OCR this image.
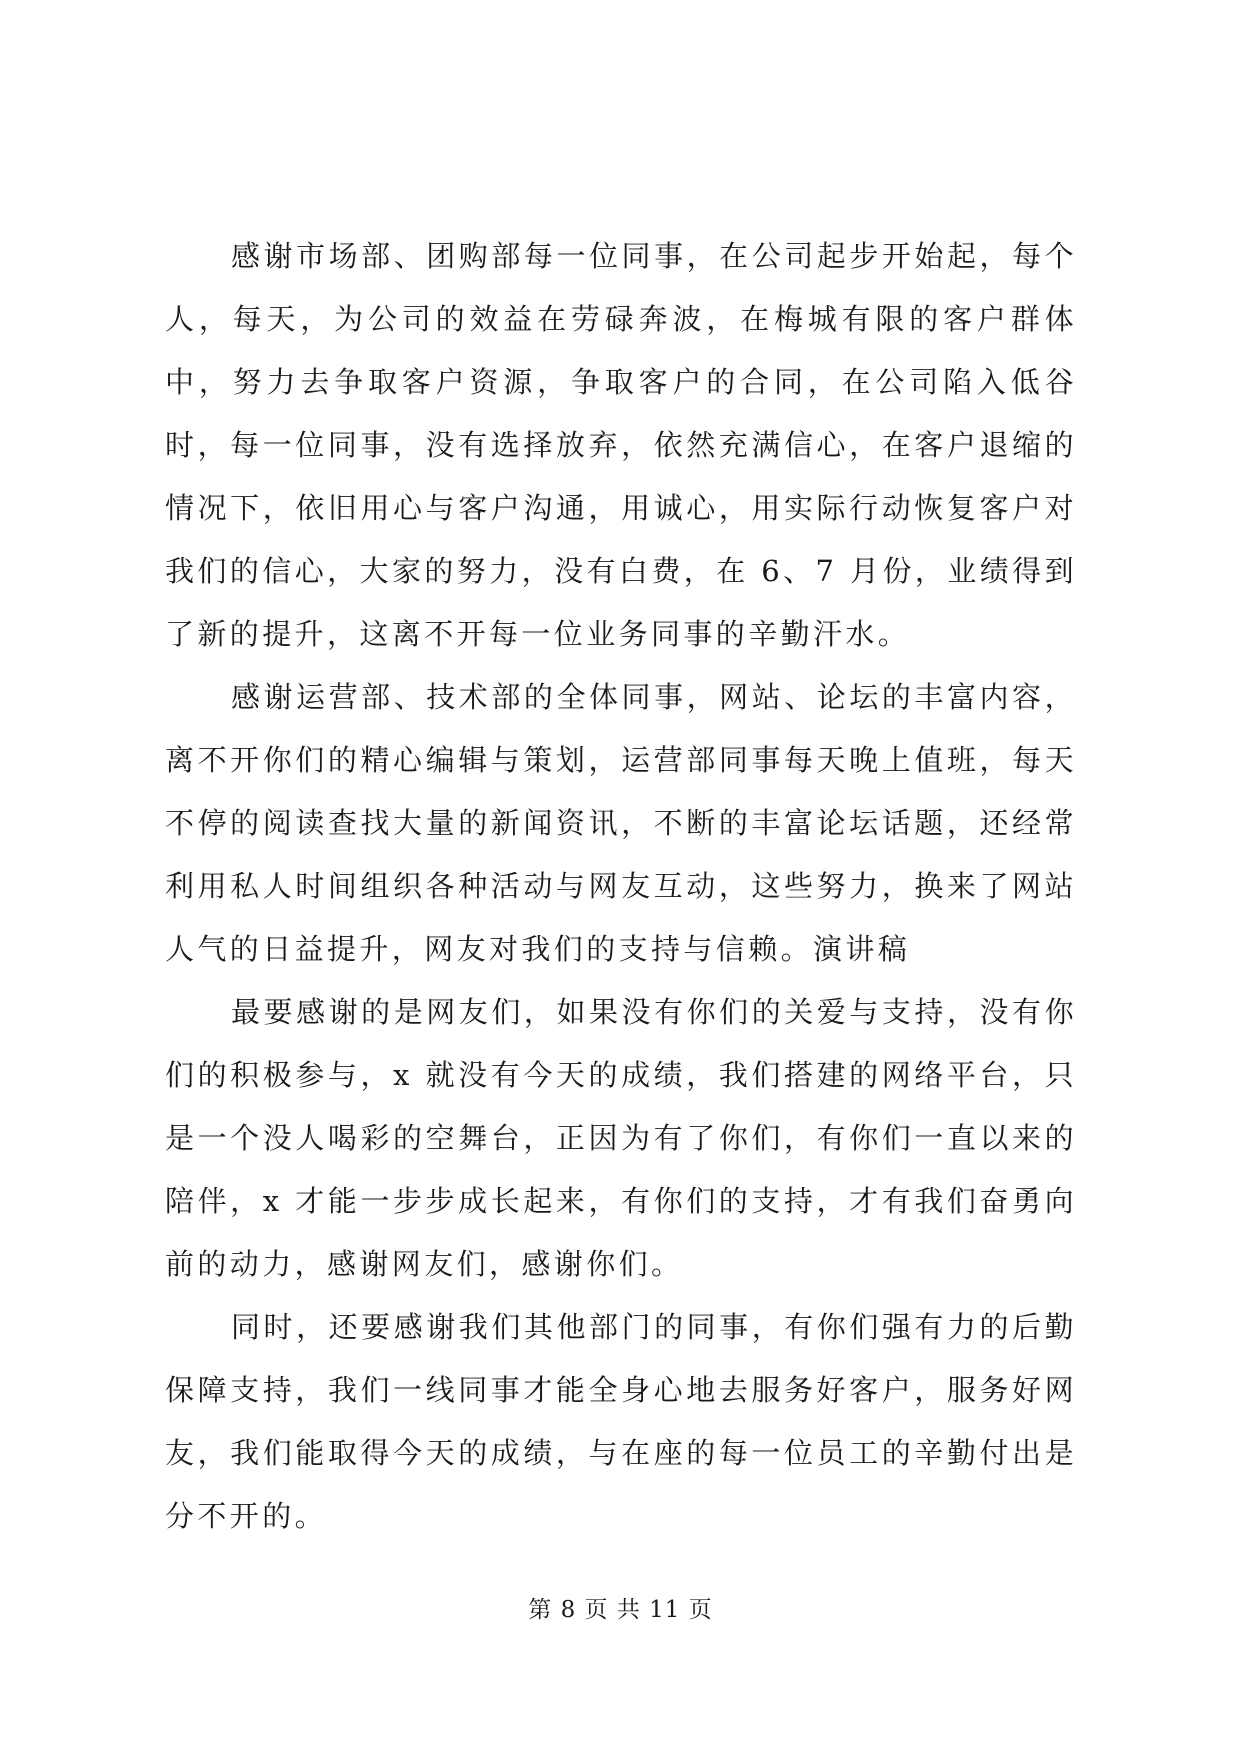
感谢市场部、团购部每一位同事，在公司起步开始起，每个人，每天，为公司的效益在劳碌奔波，在梅城有限的客户群体中，努力去争取客户资源，争取客户的合同，在公司陷入低谷时，每一位同事，没有选择放弃，依然充满信心，在客户退缩的情况下，依旧用心与客户沟通，用诚心，用实际行动恢复客户对我们的信心，大家的努力，没有白费，在 6、7 月份，业绩得到了新的提升，这离不开每一位业务同事的辛勤汗水。

感谢运营部、技术部的全体同事，网站、论坛的丰富内容，离不开你们的精心编辑与策划，运营部同事每天晚上值班，每天不停的阅读查找大量的新闻资讯，不断的丰富论坛话题，还经常利用私人时间组织各种活动与网友互动，这些努力，换来了网站人气的日益提升，网友对我们的支持与信赖。演讲稿

最要感谢的是网友们，如果没有你们的关爱与支持，没有你们的积极参与，x 就没有今天的成绩，我们搭建的网络平台，只是一个没人喝彩的空舞台，正因为有了你们，有你们一直以来的陪伴，x 才能一步步成长起来，有你们的支持，才有我们奋勇向前的动力，感谢网友们，感谢你们。

同时，还要感谢我们其他部门的同事，有你们强有力的后勤保障支持，我们一线同事才能全身心地去服务好客户，服务好网友，我们能取得今天的成绩，与在座的每一位员工的辛勤付出是分不开的。

第 8 页 共 11 页
